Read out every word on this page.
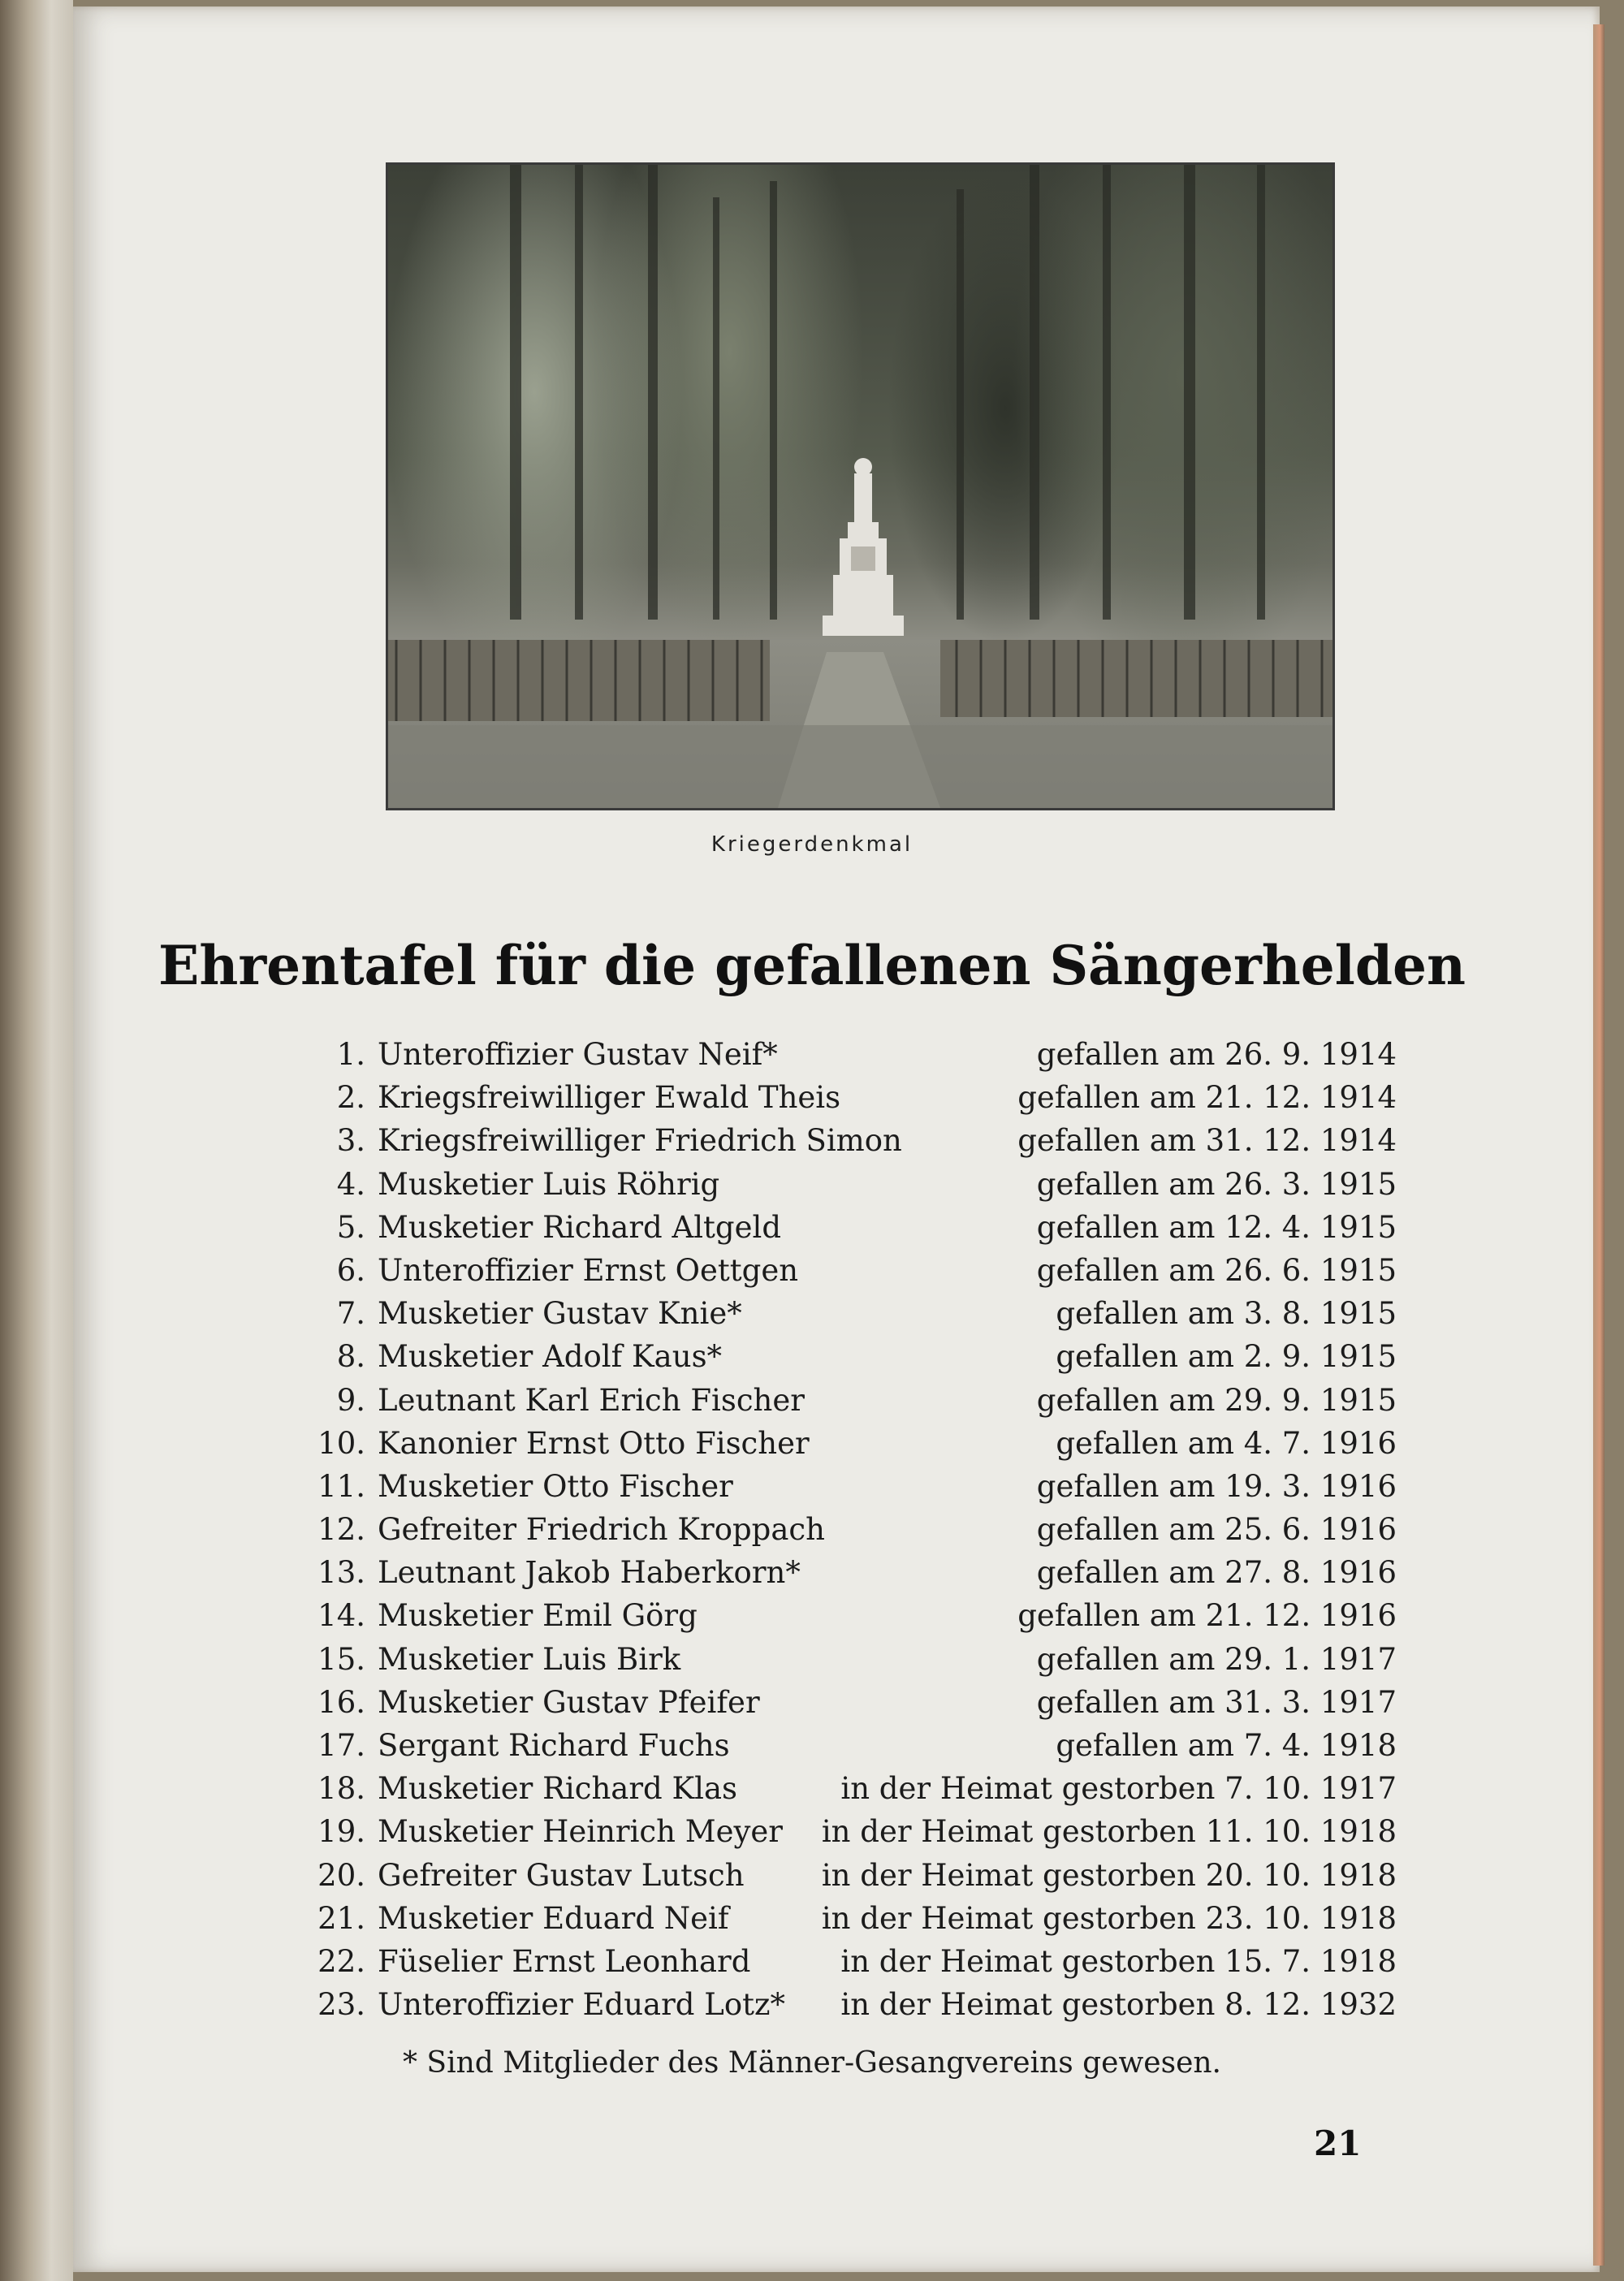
Kriegerdenkmal
Ehrentafel für die gefallenen Sängerhelden
1. Unteroffizier Gustav Neif*	gefallen am 26. 9. 1914
2. Kriegsfreiwilliger Ewald Theis	gefallen am 21. 12. 1914
3. Kriegsfreiwilliger Friedrich Simon	gefallen am 31. 12. 1914
4. Musketier Luis Röhrig	gefallen am 26. 3. 1915
5. Musketier Richard Altgeld	gefallen am 12. 4. 1915
6. Unteroffizier Ernst Oettgen	gefallen am 26. 6. 1915
7. Musketier Gustav Knie*	gefallen am 3. 8. 1915
8. Musketier Adolf Kaus*	gefallen am 2. 9. 1915
9. Leutnant Karl Erich Fischer	gefallen am 29. 9. 1915
10. Kanonier Ernst Otto Fischer	gefallen am 4. 7. 1916
11. Musketier Otto Fischer	gefallen am 19. 3. 1916
12. Gefreiter Friedrich Kroppach	gefallen am 25. 6. 1916
13. Leutnant Jakob Haberkorn*	gefallen am 27. 8. 1916
14. Musketier Emil Görg	gefallen am 21. 12. 1916
15. Musketier Luis Birk	gefallen am 29. 1. 1917
16. Musketier Gustav Pfeifer	gefallen am 31. 3. 1917
17. Sergant Richard Fuchs	gefallen am 7. 4. 1918
18. Musketier Richard Klas	in der Heimat gestorben 7. 10. 1917
19. Musketier Heinrich Meyer in der Heimat gestorben 11. 10. 1918
20. Gefreiter Gustav Lutsch	in der Heimat gestorben 20. 10. 1918
21. Musketier Eduard Neif	in der Heimat gestorben 23. 10. 1918
22. Füselier Ernst Leonhard	in der Heimat gestorben 15. 7. 1918
23. Unteroffizier Eduard Lotz* in der Heimat gestorben 8. 12. 1932
* Sind Mitglieder des Männer-Gesangvereins gewesen.
21
